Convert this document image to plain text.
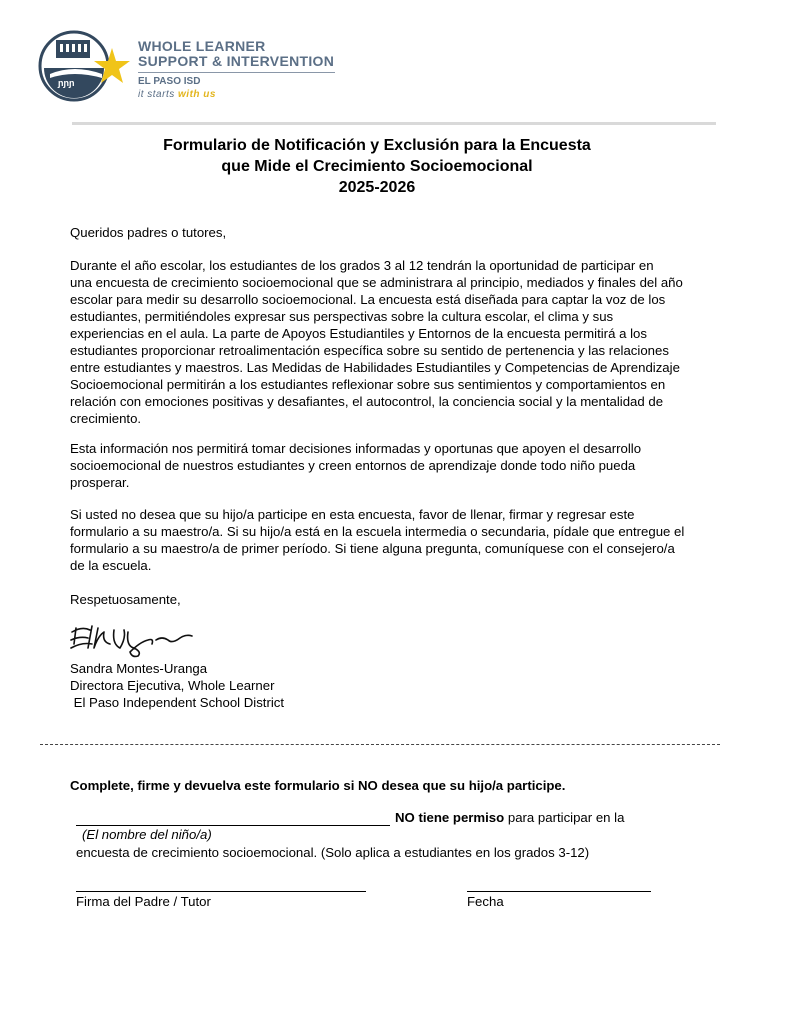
ɲɲɲ
WHOLE LEARNER
SUPPORT & INTERVENTION
EL PASO ISD
it starts with us
Formulario de Notificación y Exclusión para la Encuesta
que Mide el Crecimiento Socioemocional
2025-2026
Queridos padres o tutores,
Durante el año escolar, los estudiantes de los grados 3 al 12 tendrán la oportunidad de participar en
una encuesta de crecimiento socioemocional que se administrara al principio, mediados y finales del año
escolar para medir su desarrollo socioemocional. La encuesta está diseñada para captar la voz de los
estudiantes, permitiéndoles expresar sus perspectivas sobre la cultura escolar, el clima y sus
experiencias en el aula. La parte de Apoyos Estudiantiles y Entornos de la encuesta permitirá a los
estudiantes proporcionar retroalimentación específica sobre su sentido de pertenencia y las relaciones
entre estudiantes y maestros. Las Medidas de Habilidades Estudiantiles y Competencias de Aprendizaje
Socioemocional permitirán a los estudiantes reflexionar sobre sus sentimientos y comportamientos en
relación con emociones positivas y desafiantes, el autocontrol, la conciencia social y la mentalidad de
crecimiento.
Esta información nos permitirá tomar decisiones informadas y oportunas que apoyen el desarrollo
socioemocional de nuestros estudiantes y creen entornos de aprendizaje donde todo niño pueda
prosperar.
Si usted no desea que su hijo/a participe en esta encuesta, favor de llenar, firmar y regresar este
formulario a su maestro/a. Si su hijo/a está en la escuela intermedia o secundaria, pídale que entregue el
formulario a su maestro/a de primer período. Si tiene alguna pregunta, comuníquese con el consejero/a
de la escuela.
Respetuosamente,
Sandra Montes-Uranga
Directora Ejecutiva, Whole Learner
El Paso Independent School District
Complete, firme y devuelva este formulario si NO desea que su hijo/a participe.
NO tiene permiso para participar en la
(El nombre del niño/a)
encuesta de crecimiento socioemocional. (Solo aplica a estudiantes en los grados 3-12)
Firma del Padre / Tutor	Fecha
